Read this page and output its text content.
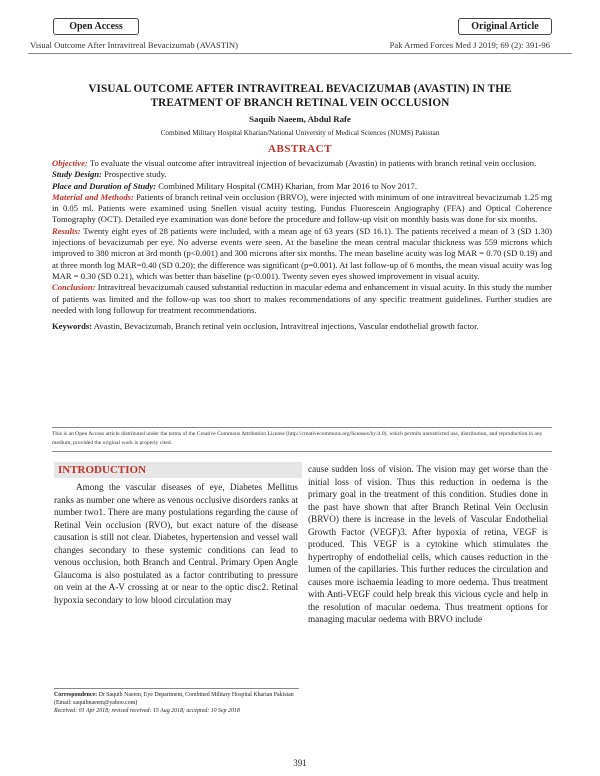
Open Access	Original Article
Visual Outcome After Intravitreal Bevacizumab (AVASTIN)	Pak Armed Forces Med J 2019; 69 (2): 391-96
VISUAL OUTCOME AFTER INTRAVITREAL BEVACIZUMAB (AVASTIN) IN THE
TREATMENT OF BRANCH RETINAL VEIN OCCLUSION
Saquib Naeem, Abdul Rafe
Combined Military Hospital Kharian/National University of Medical Sciences (NUMS) Pakistan
ABSTRACT

Objective: To evaluate the visual outcome after intravitreal injection of bevacizumab (Avastin) in patients with branch retinal vein occlusion.

Study Design: Prospective study.

Place and Duration of Study: Combined Military Hospital (CMH) Kharian, from Mar 2016 to Nov 2017.

Material and Methods: Patients of branch retinal vein occlusion (BRVO), were injected with minimum of one intravitreal bevacizumab 1.25 mg in 0.05 ml. Patients were examined using Snellen visual acuity testing, Fundus Fluorescein Angiography (FFA) and Optical Coherence Tomography (OCT). Detailed eye examination was done before the procedure and follow-up visit on monthly basis was done for six months.

Results: Twenty eight eyes of 28 patients were included, with a mean age of 63 years (SD 16.1). The patients received a mean of 3 (SD 1.30) injections of bevacizumab per eye. No adverse events were seen. At the baseline the mean central macular thickness was 559 microns which improved to 380 micron at 3rd month (p<0.001) and 300 microns after six months. The mean baseline acuity was log MAR = 0.70 (SD 0.19) and at three month log MAR=0.40 (SD 0.20); the difference was significant (p=0.001). At last follow-up of 6 months, the mean visual acuity was log MAR = 0.30 (SD 0.21), which was better than baseline (p<0.001). Twenty seven eyes showed improvement in visual acuity.

Conclusion: Intravitreal bevacizumab caused substantial reduction in macular edema and enhancement in visual acuity. In this study the number of patients was limited and the follow-up was too short to makes recommendations of any specific treatment guidelines. Further studies are needed with long followup for treatment recommendations.

Keywords: Avastin, Bevacizumab, Branch retinal vein occlusion, Intravitreal injections, Vascular endothelial growth factor.

This is an Open Access article distributed under the terms of the Creative Commons Attribution License (http://creativecommons.org/licenses/by/4.0), which permits unrestricted use, distribution, and reproduction in any medium, provided the original work is properly cited.
INTRODUCTION
Among the vascular diseases of eye, Diabetes Mellitus ranks as number one where as venous occlusive disorders ranks at number two1. There are many postulations regarding the cause of Retinal Vein occlusion (RVO), but exact nature of the disease causation is still not clear. Diabetes, hypertension and vessel wall changes secondary to these systemic conditions can lead to venous occlusion, both Branch and Central. Primary Open Angle Glaucoma is also postulated as a factor contributing to pressure on vein at the A-V crossing at or near to the optic disc2. Retinal hypoxia secondary to low blood circulation may
cause sudden loss of vision. The vision may get worse than the initial loss of vision. Thus this reduction in oedema is the primary goal in the treatment of this condition. Studies done in the past have shown that after Branch Retinal Vein Occlusin (BRVO) there is increase in the levels of Vascular Endothelial Growth Factor (VEGF)3. After hypoxia of retina, VEGF is produced. This VEGF is a cytokine which stimulates the hypertrophy of endothelial cells, which causes reduction in the lumen of the capillaries. This further reduces the circulation and causes more ischaemia leading to more oedema. Thus treatment with Anti-VEGF could help break this vicious cycle and help in the resolution of macular oedema. Thus treatment options for managing macular oedema with BRVO include
Correspondence: Dr Saquib Naeem, Eye Department, Combined Military Hospital Kharian Pakistan (Email: saquibnaeem@yahoo.com)
Received: 01 Apr 2018; revised received: 15 Aug 2018; accepted: 10 Sep 2018
391
